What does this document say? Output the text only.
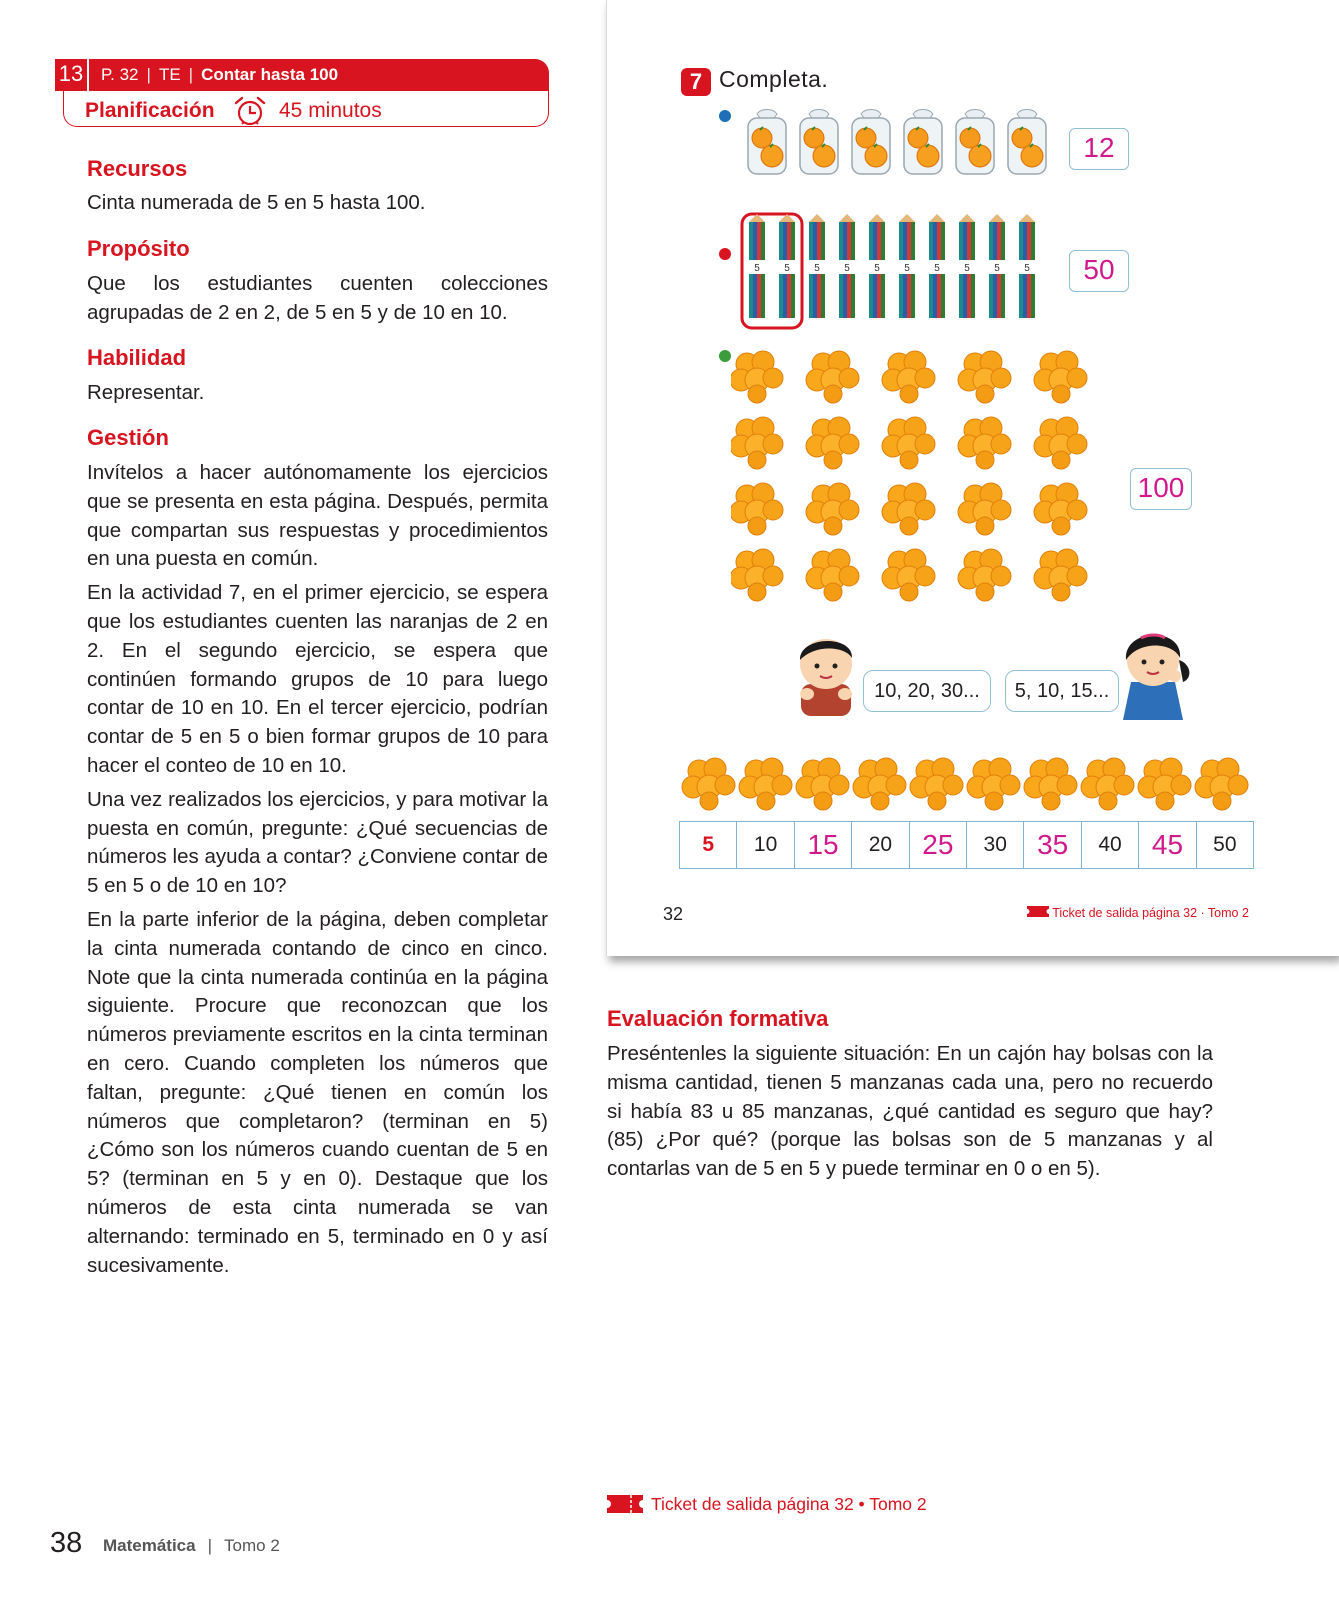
13	P. 32 | TE | Contar hasta 100
Planificación	45 minutos
Recursos

Cinta numerada de 5 en 5 hasta 100.

Propósito

Que los estudiantes cuenten colecciones agrupadas de 2 en 2, de 5 en 5 y de 10 en 10.

Habilidad

Representar.

Gestión

Invítelos a hacer autónomamente los ejercicios que se presenta en esta página. Después, permita que compartan sus respuestas y procedimientos en una puesta en común.

En la actividad 7, en el primer ejercicio, se espera que los estudiantes cuenten las naranjas de 2 en 2. En el segundo ejercicio, se espera que continúen formando grupos de 10 para luego contar de 10 en 10. En el tercer ejercicio, podrían contar de 5 en 5 o bien formar grupos de 10 para hacer el conteo de 10 en 10.

Una vez realizados los ejercicios, y para motivar la puesta en común, pregunte: ¿Qué secuencias de números les ayuda a contar? ¿Conviene contar de 5 en 5 o de 10 en 10?

En la parte inferior de la página, deben completar la cinta numerada contando de cinco en cinco. Note que la cinta numerada continúa en la página siguiente. Procure que reconozcan que los números previamente escritos en la cinta terminan en cero. Cuando completen los números que faltan, pregunte: ¿Qué tienen en común los números que completaron? (terminan en 5) ¿Cómo son los números cuando cuentan de 5 en 5? (terminan en 5 y en 0). Destaque que los números de esta cinta numerada se van alternando: terminado en 5, terminado en 0 y así sucesivamente.

7 Completa.
12
50
100
10, 20, 30...	5, 10, 15...
5	10	15	20	25	30	35	40	45	50
32	Ticket de salida página 32 · Tomo 2
Evaluación formativa
Preséntenles la siguiente situación: En un cajón hay bolsas con la misma cantidad, tienen 5 manzanas cada una, pero no recuerdo si había 83 u 85 manzanas, ¿qué cantidad es seguro que hay? (85) ¿Por qué? (porque las bolsas son de 5 manzanas y al contarlas van de 5 en 5 y puede terminar en 0 o en 5).
Ticket de salida página 32 • Tomo 2
38 Matemática | Tomo 2
